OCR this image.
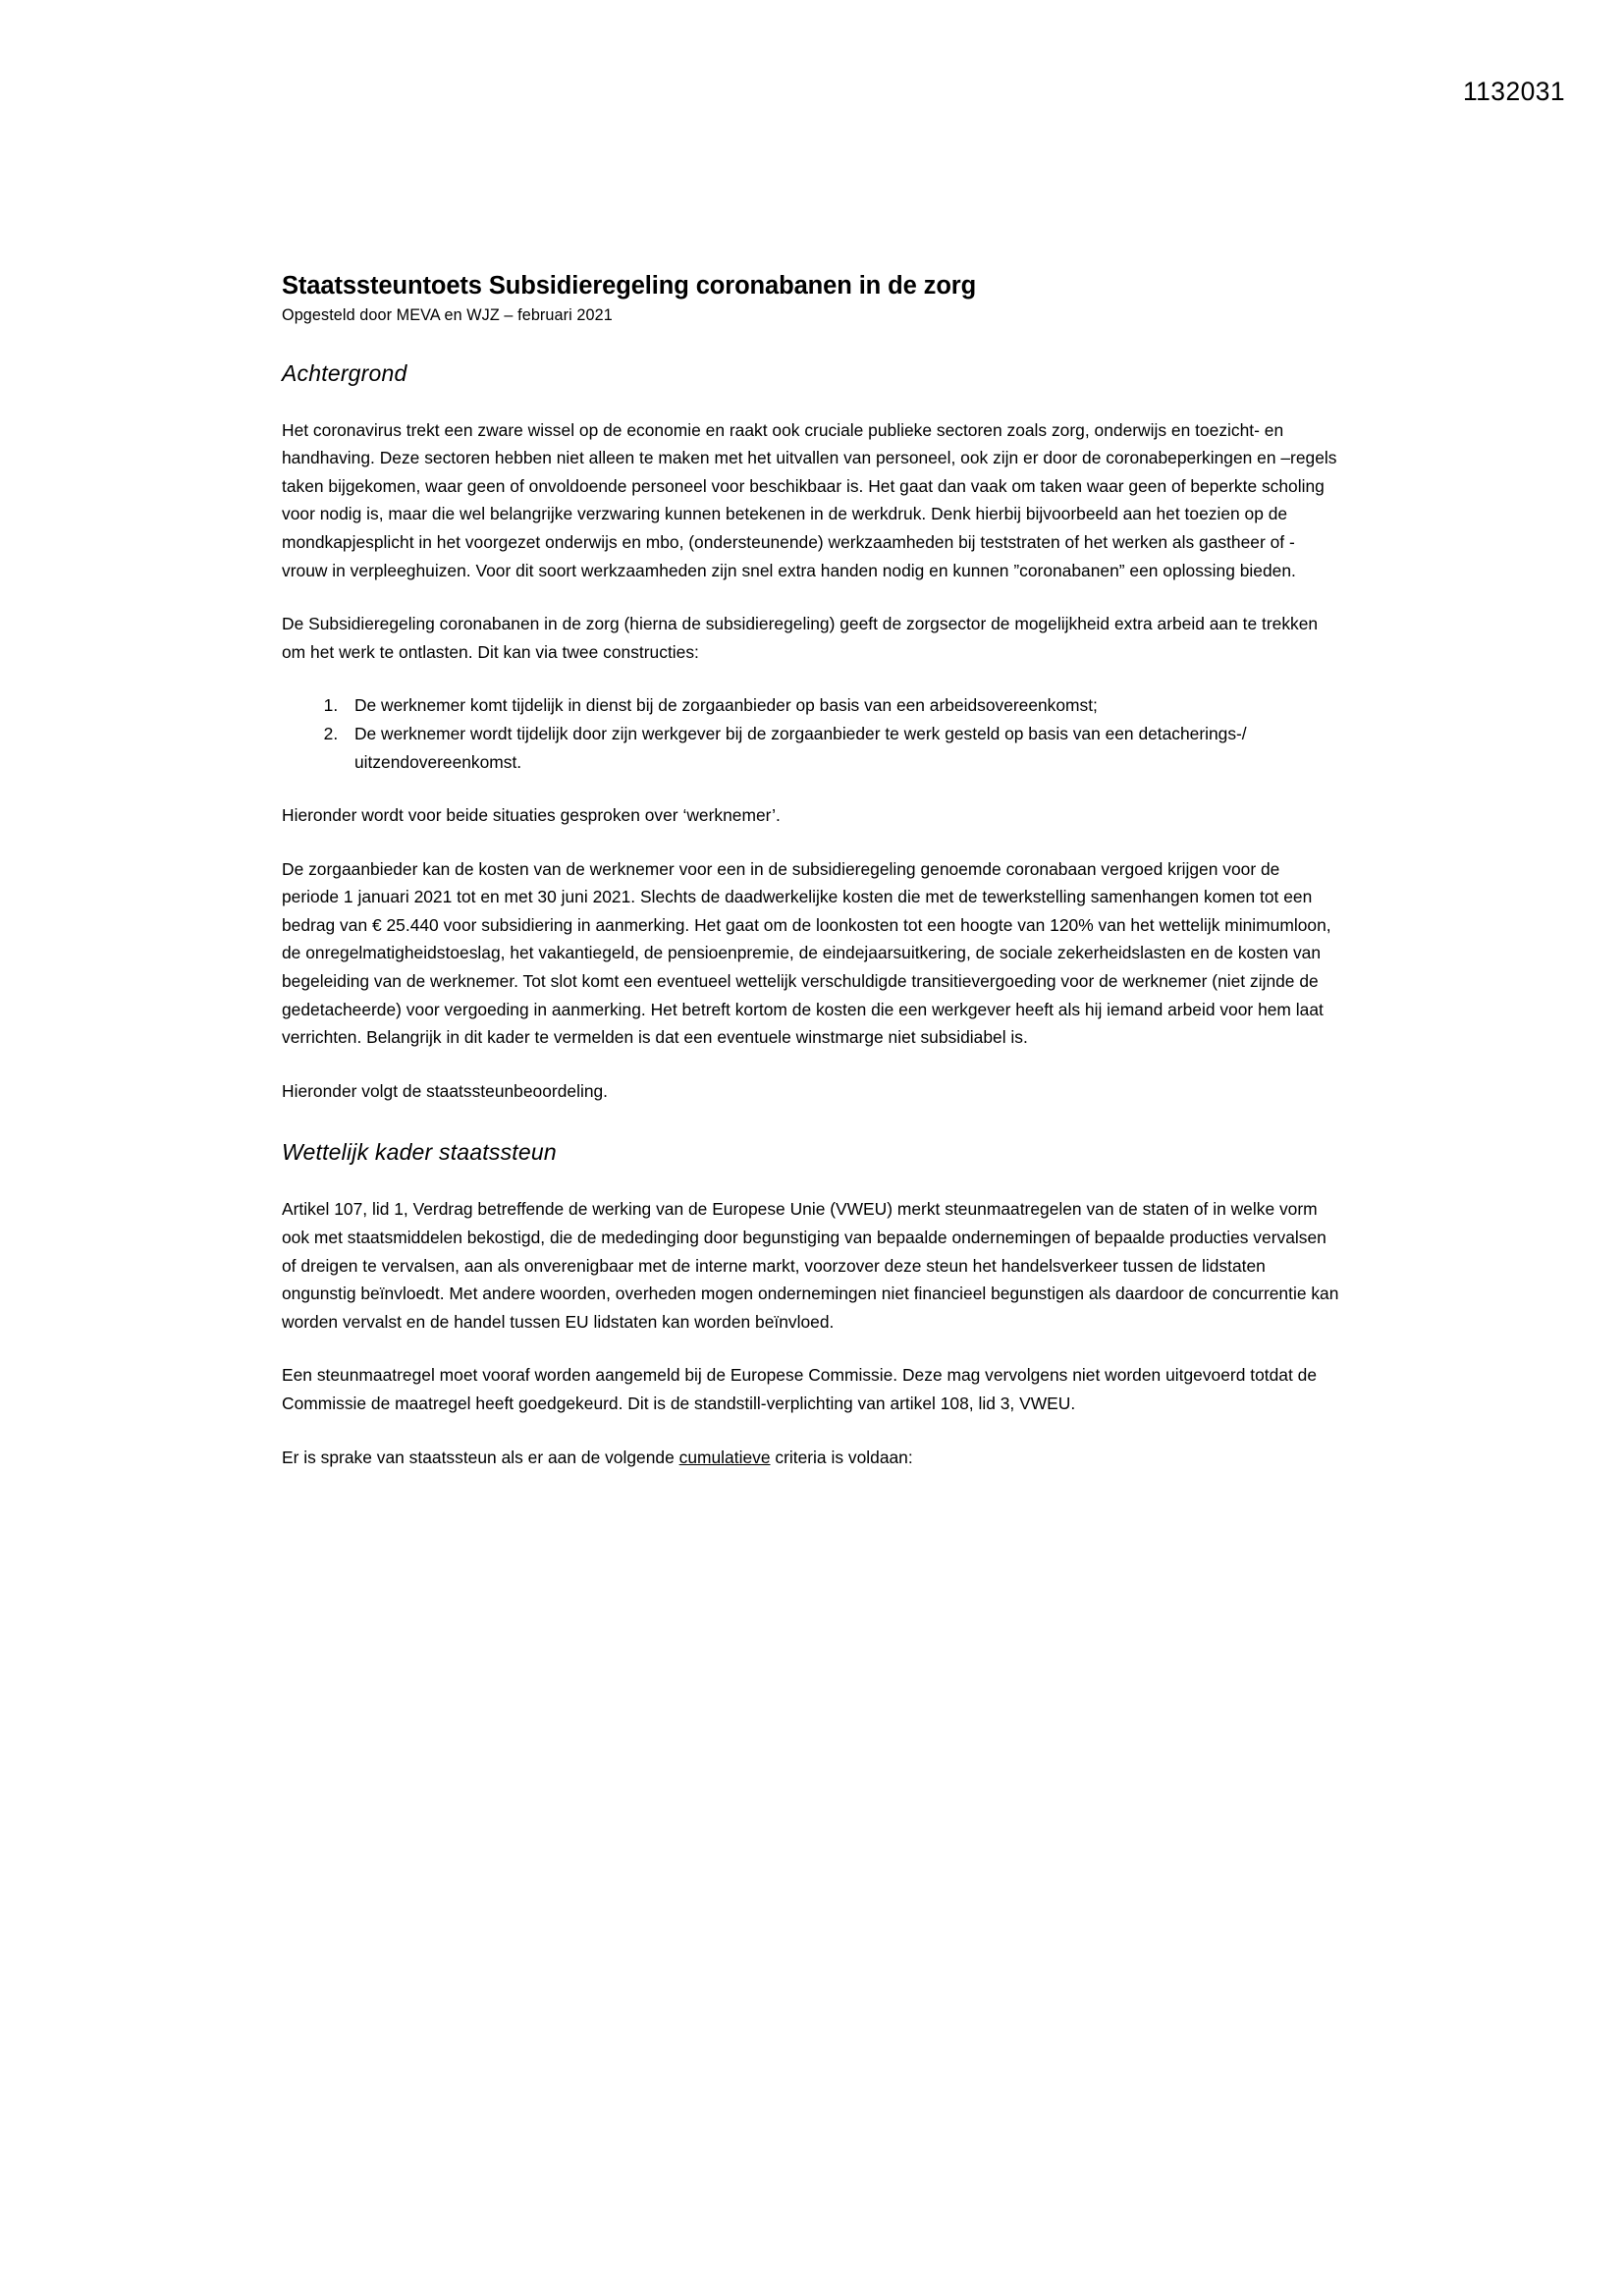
1132031
Staatssteuntoets Subsidieregeling coronabanen in de zorg
Opgesteld door MEVA en WJZ – februari 2021
Achtergrond

Het coronavirus trekt een zware wissel op de economie en raakt ook cruciale publieke sectoren zoals zorg, onderwijs en toezicht- en handhaving. Deze sectoren hebben niet alleen te maken met het uitvallen van personeel, ook zijn er door de coronabeperkingen en –regels taken bijgekomen, waar geen of onvoldoende personeel voor beschikbaar is. Het gaat dan vaak om taken waar geen of beperkte scholing voor nodig is, maar die wel belangrijke verzwaring kunnen betekenen in de werkdruk. Denk hierbij bijvoorbeeld aan het toezien op de mondkapjesplicht in het voorgezet onderwijs en mbo, (ondersteunende) werkzaamheden bij teststraten of het werken als gastheer of -vrouw in verpleeghuizen. Voor dit soort werkzaamheden zijn snel extra handen nodig en kunnen ”coronabanen” een oplossing bieden.

De Subsidieregeling coronabanen in de zorg (hierna de subsidieregeling) geeft de zorgsector de mogelijkheid extra arbeid aan te trekken om het werk te ontlasten. Dit kan via twee constructies:

1. De werknemer komt tijdelijk in dienst bij de zorgaanbieder op basis van een arbeidsovereenkomst;
2. De werknemer wordt tijdelijk door zijn werkgever bij de zorgaanbieder te werk gesteld op basis van een detacherings-/ uitzendovereenkomst.

Hieronder wordt voor beide situaties gesproken over ‘werknemer’.

De zorgaanbieder kan de kosten van de werknemer voor een in de subsidieregeling genoemde coronabaan vergoed krijgen voor de periode 1 januari 2021 tot en met 30 juni 2021. Slechts de daadwerkelijke kosten die met de tewerkstelling samenhangen komen tot een bedrag van € 25.440 voor subsidiering in aanmerking. Het gaat om de loonkosten tot een hoogte van 120% van het wettelijk minimumloon, de onregelmatigheidstoeslag, het vakantiegeld, de pensioenpremie, de eindejaarsuitkering, de sociale zekerheidslasten en de kosten van begeleiding van de werknemer. Tot slot komt een eventueel wettelijk verschuldigde transitievergoeding voor de werknemer (niet zijnde de gedetacheerde) voor vergoeding in aanmerking. Het betreft kortom de kosten die een werkgever heeft als hij iemand arbeid voor hem laat verrichten. Belangrijk in dit kader te vermelden is dat een eventuele winstmarge niet subsidiabel is.

Hieronder volgt de staatssteunbeoordeling.

Wettelijk kader staatssteun

Artikel 107, lid 1, Verdrag betreffende de werking van de Europese Unie (VWEU) merkt steunmaatregelen van de staten of in welke vorm ook met staatsmiddelen bekostigd, die de mededinging door begunstiging van bepaalde ondernemingen of bepaalde producties vervalsen of dreigen te vervalsen, aan als onverenigbaar met de interne markt, voorzover deze steun het handelsverkeer tussen de lidstaten ongunstig beïnvloedt. Met andere woorden, overheden mogen ondernemingen niet financieel begunstigen als daardoor de concurrentie kan worden vervalst en de handel tussen EU lidstaten kan worden beïnvloed.

Een steunmaatregel moet vooraf worden aangemeld bij de Europese Commissie. Deze mag vervolgens niet worden uitgevoerd totdat de Commissie de maatregel heeft goedgekeurd. Dit is de standstill-verplichting van artikel 108, lid 3, VWEU.

Er is sprake van staatssteun als er aan de volgende cumulatieve criteria is voldaan:
